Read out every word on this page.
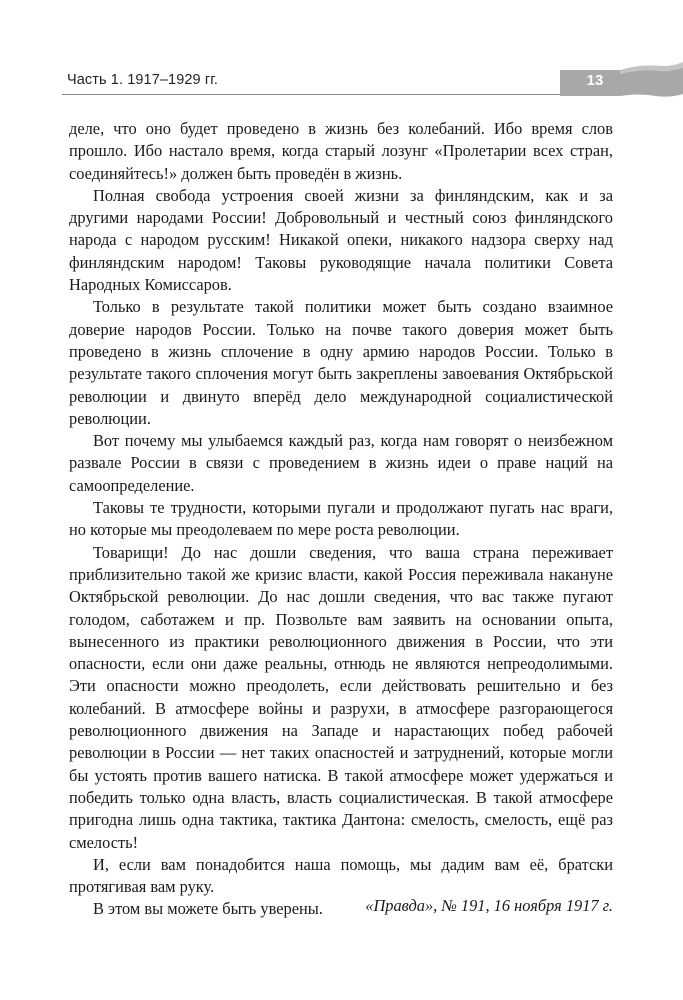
Часть 1. 1917–1929 гг.	13

деле, что оно будет проведено в жизнь без колебаний. Ибо время слов прошло. Ибо настало время, когда старый лозунг «Пролетарии всех стран, соединяйтесь!» должен быть проведён в жизнь.

Полная свобода устроения своей жизни за финляндским, как и за другими народами России! Добровольный и честный союз финляндского народа с народом русским! Никакой опеки, никакого надзора сверху над финляндским народом! Таковы руководящие начала политики Совета Народных Комиссаров.

Только в результате такой политики может быть создано взаимное доверие народов России. Только на почве такого доверия может быть проведено в жизнь сплочение в одну армию народов России. Только в результате такого сплочения могут быть закреплены завоевания Октябрьской революции и двинуто вперёд дело международной социалистической революции.

Вот почему мы улыбаемся каждый раз, когда нам говорят о неизбежном развале России в связи с проведением в жизнь идеи о праве наций на самоопределение.

Таковы те трудности, которыми пугали и продолжают пугать нас враги, но которые мы преодолеваем по мере роста революции.

Товарищи! До нас дошли сведения, что ваша страна переживает приблизительно такой же кризис власти, какой Россия переживала накануне Октябрьской революции. До нас дошли сведения, что вас также пугают голодом, саботажем и пр. Позвольте вам заявить на основании опыта, вынесенного из практики революционного движения в России, что эти опасности, если они даже реальны, отнюдь не являются непреодолимыми. Эти опасности можно преодолеть, если действовать решительно и без колебаний. В атмосфере войны и разрухи, в атмосфере разгорающегося революционного движения на Западе и нарастающих побед рабочей революции в России — нет таких опасностей и затруднений, которые могли бы устоять против вашего натиска. В такой атмосфере может удержаться и победить только одна власть, власть социалистическая. В такой атмосфере пригодна лишь одна тактика, тактика Дантона: смелость, смелость, ещё раз смелость!

И, если вам понадобится наша помощь, мы дадим вам её, братски протягивая вам руку.

В этом вы можете быть уверены.	«Правда», № 191, 16 ноября 1917 г.
